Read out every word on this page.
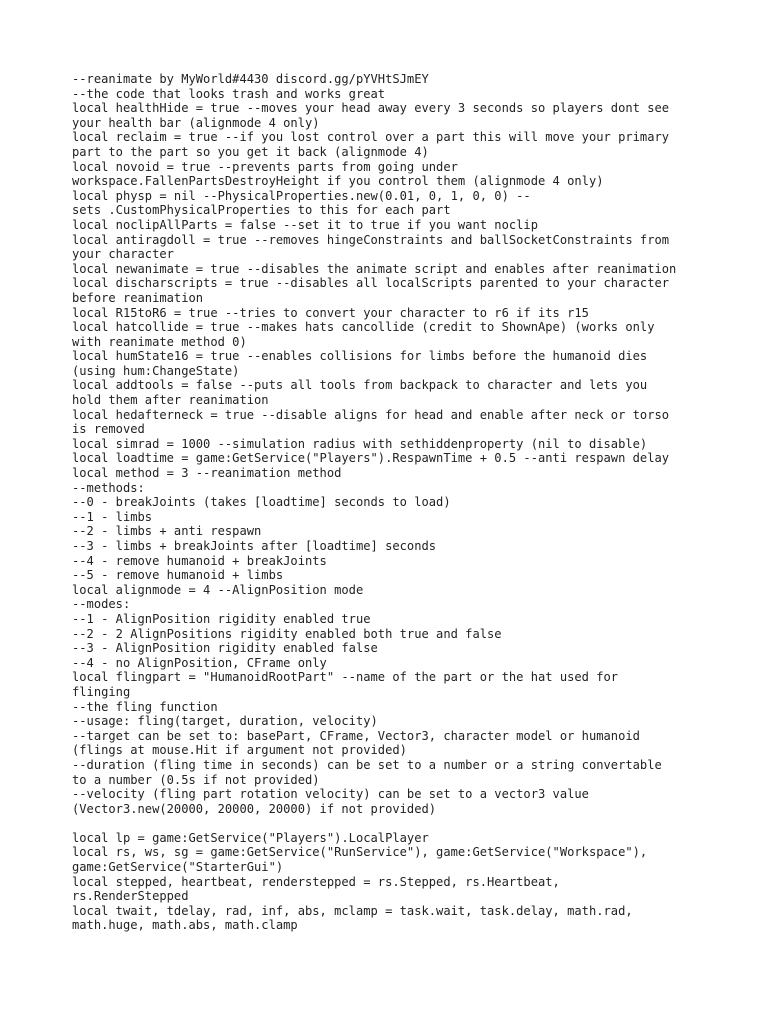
--reanimate by MyWorld#4430 discord.gg/pYVHtSJmEY
--the code that looks trash and works great
local healthHide = true --moves your head away every 3 seconds so players dont see
your health bar (alignmode 4 only)
local reclaim = true --if you lost control over a part this will move your primary
part to the part so you get it back (alignmode 4)
local novoid = true --prevents parts from going under
workspace.FallenPartsDestroyHeight if you control them (alignmode 4 only)
local physp = nil --PhysicalProperties.new(0.01, 0, 1, 0, 0) --
sets .CustomPhysicalProperties to this for each part
local noclipAllParts = false --set it to true if you want noclip
local antiragdoll = true --removes hingeConstraints and ballSocketConstraints from
your character
local newanimate = true --disables the animate script and enables after reanimation
local discharscripts = true --disables all localScripts parented to your character
before reanimation
local R15toR6 = true --tries to convert your character to r6 if its r15
local hatcollide = true --makes hats cancollide (credit to ShownApe) (works only
with reanimate method 0)
local humState16 = true --enables collisions for limbs before the humanoid dies
(using hum:ChangeState)
local addtools = false --puts all tools from backpack to character and lets you
hold them after reanimation
local hedafterneck = true --disable aligns for head and enable after neck or torso
is removed
local simrad = 1000 --simulation radius with sethiddenproperty (nil to disable)
local loadtime = game:GetService("Players").RespawnTime + 0.5 --anti respawn delay
local method = 3 --reanimation method
--methods:
--0 - breakJoints (takes [loadtime] seconds to load)
--1 - limbs
--2 - limbs + anti respawn
--3 - limbs + breakJoints after [loadtime] seconds
--4 - remove humanoid + breakJoints
--5 - remove humanoid + limbs
local alignmode = 4 --AlignPosition mode
--modes:
--1 - AlignPosition rigidity enabled true
--2 - 2 AlignPositions rigidity enabled both true and false
--3 - AlignPosition rigidity enabled false
--4 - no AlignPosition, CFrame only
local flingpart = "HumanoidRootPart" --name of the part or the hat used for
flinging
--the fling function
--usage: fling(target, duration, velocity)
--target can be set to: basePart, CFrame, Vector3, character model or humanoid
(flings at mouse.Hit if argument not provided)
--duration (fling time in seconds) can be set to a number or a string convertable
to a number (0.5s if not provided)
--velocity (fling part rotation velocity) can be set to a vector3 value
(Vector3.new(20000, 20000, 20000) if not provided)
local lp = game:GetService("Players").LocalPlayer
local rs, ws, sg = game:GetService("RunService"), game:GetService("Workspace"),
game:GetService("StarterGui")
local stepped, heartbeat, renderstepped = rs.Stepped, rs.Heartbeat,
rs.RenderStepped
local twait, tdelay, rad, inf, abs, mclamp = task.wait, task.delay, math.rad,
math.huge, math.abs, math.clamp
